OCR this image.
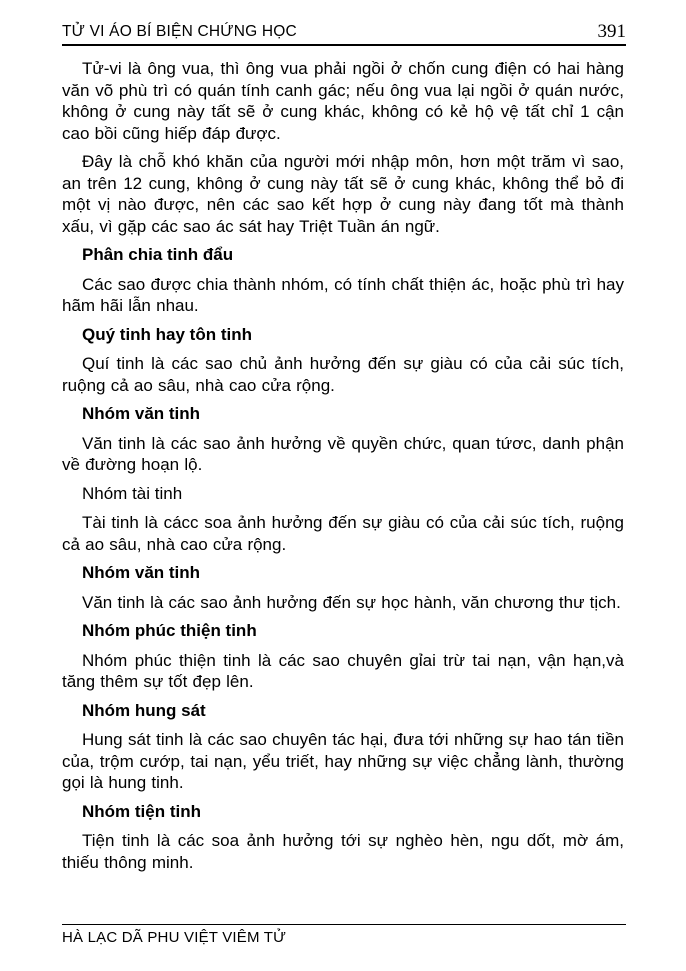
TỬ VI ÁO BÍ BIỆN CHỨNG HỌC	391

Tử-vi là ông vua, thì ông vua phải ngồi ở chốn cung điện có hai hàng văn võ phù trì có quán tính canh gác; nếu ông vua lại ngồi ở quán nước, không ở cung này tất sẽ ở cung khác, không có kẻ hộ vệ tất chỉ 1 cận cao bồi cũng hiếp đáp được.

Đây là chỗ khó khăn của người mới nhập môn, hơn một trăm vì sao, an trên 12 cung, không ở cung này tất sẽ ở cung khác, không thể bỏ đi một vị nào được, nên các sao kết hợp ở cung này đang tốt mà thành xấu, vì gặp các sao ác sát hay Triệt Tuần án ngữ.

Phân chia tinh đẩu

Các sao được chia thành nhóm, có tính chất thiện ác, hoặc phù trì hay hãm hãi lẫn nhau.

Quý tinh hay tôn tinh

Quí tinh là các sao chủ ảnh hưởng đến sự giàu có của cải súc tích, ruộng cả ao sâu, nhà cao cửa rộng.

Nhóm văn tinh

Văn tinh là các sao ảnh hưởng về quyền chức, quan tứơc, danh phận về đường hoạn lộ.

Nhóm tài tinh

Tài tinh là cácc soa ảnh hưởng đến sự giàu có của cải súc tích, ruộng cả ao sâu, nhà cao cửa rộng.

Nhóm văn tinh

Văn tinh là các sao ảnh hưởng đến sự học hành, văn chương thư tịch.

Nhóm phúc thiện tinh

Nhóm phúc thiện tinh là các sao chuyên gỉai trừ tai nạn, vận hạn,và tăng thêm sự tốt đẹp lên.

Nhóm hung sát

Hung sát tinh là các sao chuyên tác hại, đưa tới những sự hao tán tiền của, trộm cướp, tai nạn, yểu triết, hay những sự việc chẳng lành, thường gọi là hung tinh.

Nhóm tiện tinh

Tiện tinh là các soa ảnh hưởng tới sự nghèo hèn, ngu dốt, mờ ám, thiếu thông minh.

HÀ LẠC DÃ PHU VIỆT VIÊM TỬ
